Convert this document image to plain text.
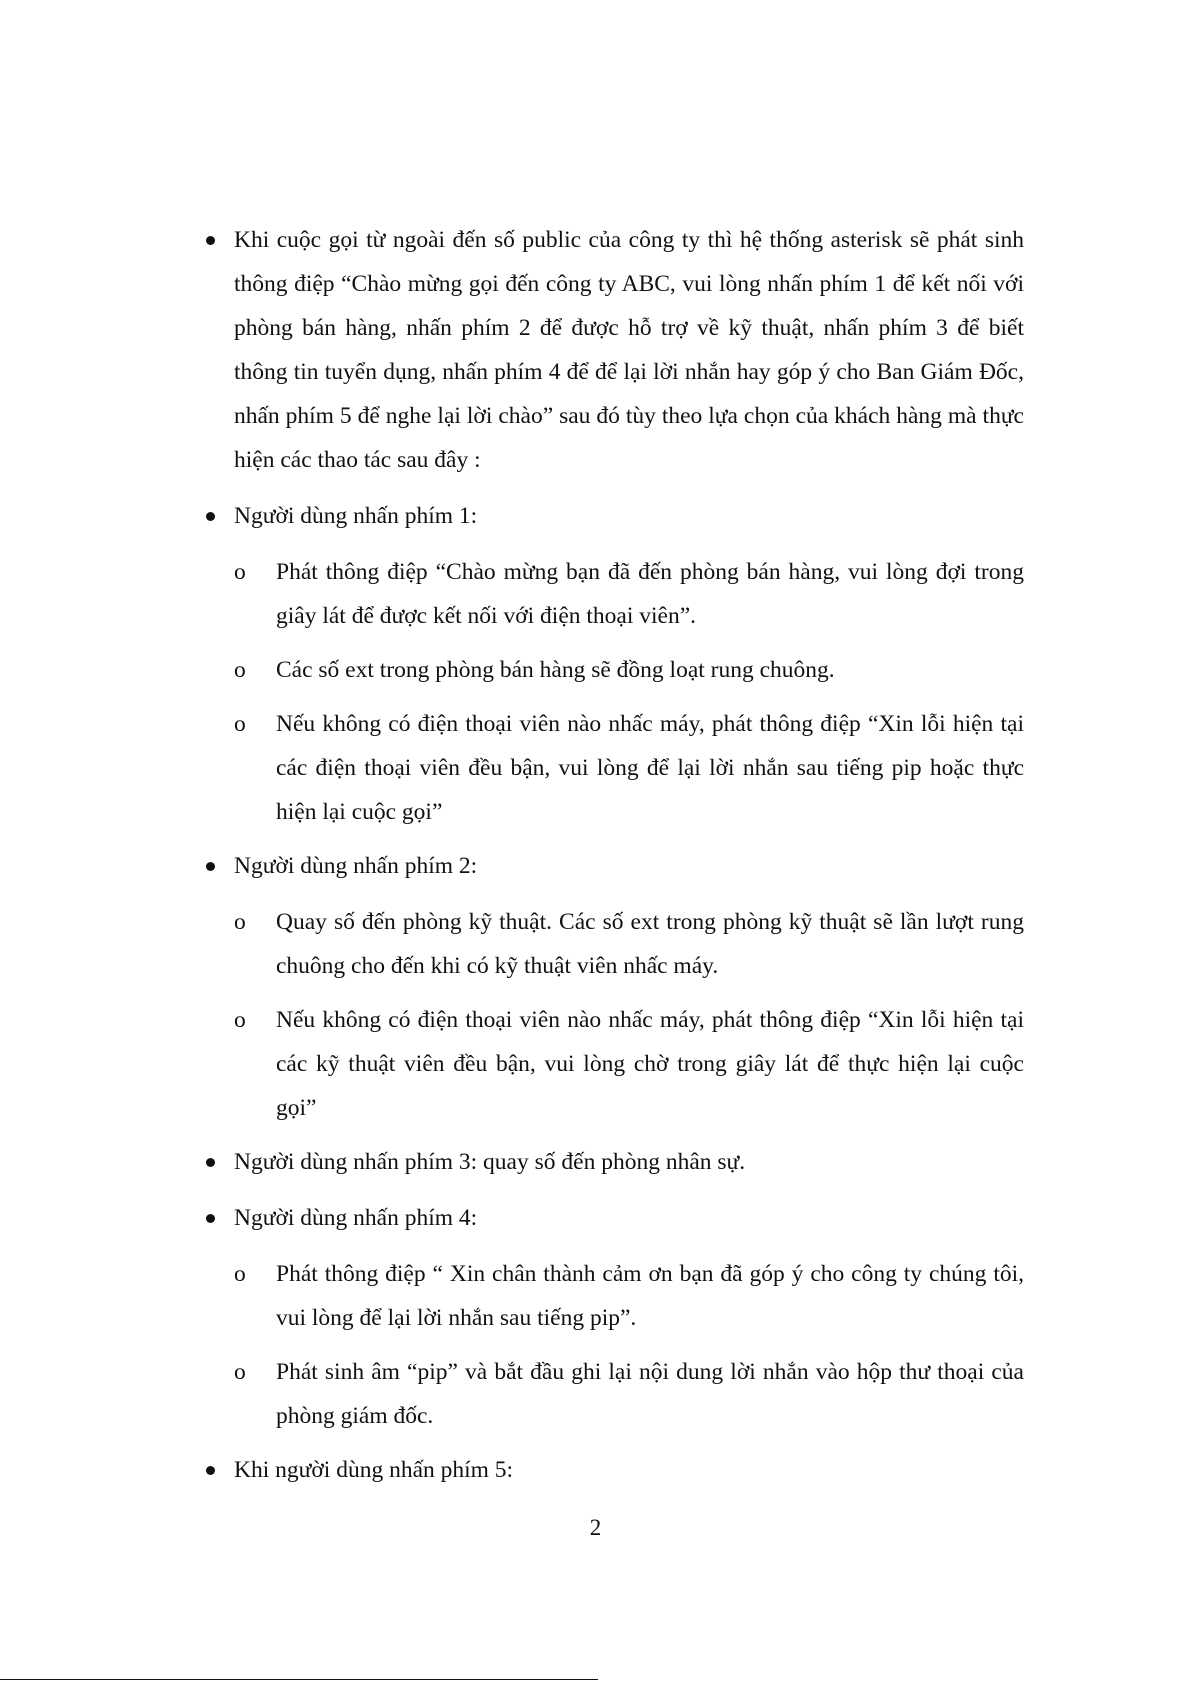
Khi cuộc gọi từ ngoài đến số public của công ty thì hệ thống asterisk sẽ phát sinh thông điệp “Chào mừng gọi đến công ty ABC, vui lòng nhấn phím 1 để kết nối với phòng bán hàng, nhấn phím 2 để được hỗ trợ về kỹ thuật, nhấn phím 3 để biết thông tin tuyển dụng, nhấn phím 4 để để lại lời nhắn hay góp ý cho Ban Giám Đốc, nhấn phím 5 để nghe lại lời chào” sau đó tùy theo lựa chọn của khách hàng mà thực hiện các thao tác sau đây :
Người dùng nhấn phím 1:
o Phát thông điệp “Chào mừng bạn đã đến phòng bán hàng, vui lòng đợi trong giây lát để được kết nối với điện thoại viên”.
o Các số ext trong phòng bán hàng sẽ đồng loạt rung chuông.
o Nếu không có điện thoại viên nào nhấc máy, phát thông điệp “Xin lỗi hiện tại các điện thoại viên đều bận, vui lòng để lại lời nhắn sau tiếng pip hoặc thực hiện lại cuộc gọi”
Người dùng nhấn phím 2:
o Quay số đến phòng kỹ thuật. Các số ext trong phòng kỹ thuật sẽ lần lượt rung chuông cho đến khi có kỹ thuật viên nhấc máy.
o Nếu không có điện thoại viên nào nhấc máy, phát thông điệp “Xin lỗi hiện tại các kỹ thuật viên đều bận, vui lòng chờ trong giây lát để thực hiện lại cuộc gọi”
Người dùng nhấn phím 3: quay số đến phòng nhân sự.
Người dùng nhấn phím 4:
o Phát thông điệp “ Xin chân thành cảm ơn bạn đã góp ý cho công ty chúng tôi, vui lòng để lại lời nhắn sau tiếng pip”.
o Phát sinh âm “pip” và bắt đầu ghi lại nội dung lời nhắn vào hộp thư thoại của phòng giám đốc.
Khi người dùng nhấn phím 5:
2
